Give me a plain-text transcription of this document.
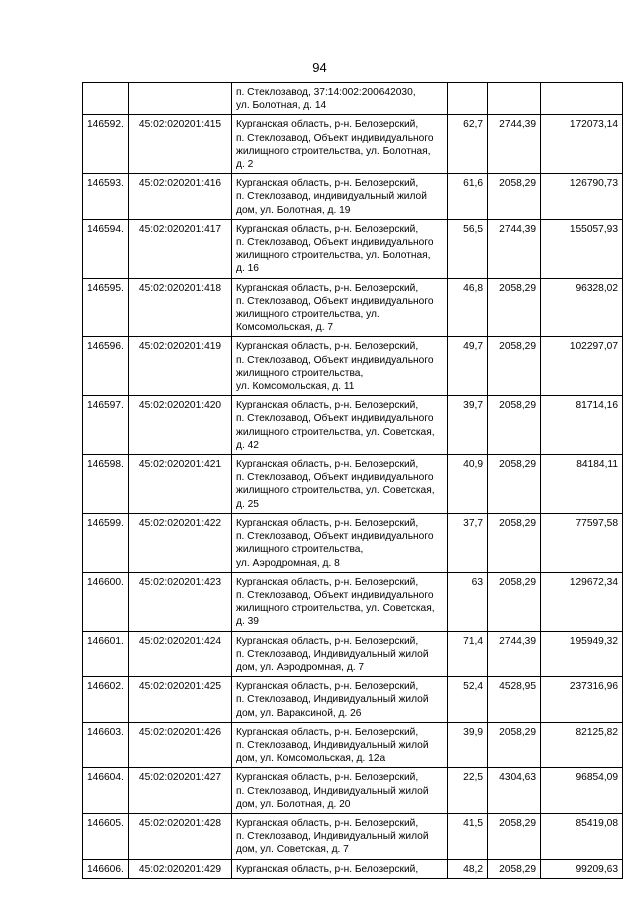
94

		п. Стеклозавод, 37:14:002:200642030,
ул. Болотная, д. 14			

146592.	45:02:020201:415	Курганская область, р-н. Белозерский,
п. Стеклозавод, Объект индивидуального
жилищного строительства, ул. Болотная,
д. 2	62,7	2744,39	172073,14
146593.	45:02:020201:416	Курганская область, р-н. Белозерский,
п. Стеклозавод, индивидуальный жилой
дом, ул. Болотная, д. 19	61,6	2058,29	126790,73
146594.	45:02:020201:417	Курганская область, р-н. Белозерский,
п. Стеклозавод, Объект индивидуального
жилищного строительства, ул. Болотная,
д. 16	56,5	2744,39	155057,93
146595.	45:02:020201:418	Курганская область, р-н. Белозерский,
п. Стеклозавод, Объект индивидуального
жилищного строительства, ул.
Комсомольская, д. 7	46,8	2058,29	96328,02
146596.	45:02:020201:419	Курганская область, р-н. Белозерский,
п. Стеклозавод, Объект индивидуального
жилищного строительства,
ул. Комсомольская, д. 11	49,7	2058,29	102297,07
146597.	45:02:020201:420	Курганская область, р-н. Белозерский,
п. Стеклозавод, Объект индивидуального
жилищного строительства, ул. Советская,
д. 42	39,7	2058,29	81714,16
146598.	45:02:020201:421	Курганская область, р-н. Белозерский,
п. Стеклозавод, Объект индивидуального
жилищного строительства, ул. Советская,
д. 25	40,9	2058,29	84184,11
146599.	45:02:020201:422	Курганская область, р-н. Белозерский,
п. Стеклозавод, Объект индивидуального
жилищного строительства,
ул. Аэродромная, д. 8	37,7	2058,29	77597,58
146600.	45:02:020201:423	Курганская область, р-н. Белозерский,
п. Стеклозавод, Объект индивидуального
жилищного строительства, ул. Советская,
д. 39	63	2058,29	129672,34
146601.	45:02:020201:424	Курганская область, р-н. Белозерский,
п. Стеклозавод, Индивидуальный жилой
дом, ул. Аэродромная, д. 7	71,4	2744,39	195949,32
146602.	45:02:020201:425	Курганская область, р-н. Белозерский,
п. Стеклозавод, Индивидуальный жилой
дом, ул. Вараксиной, д. 26	52,4	4528,95	237316,96
146603.	45:02:020201:426	Курганская область, р-н. Белозерский,
п. Стеклозавод, Индивидуальный жилой
дом, ул. Комсомольская, д. 12а	39,9	2058,29	82125,82
146604.	45:02:020201:427	Курганская область, р-н. Белозерский,
п. Стеклозавод, Индивидуальный жилой
дом, ул. Болотная, д. 20	22,5	4304,63	96854,09
146605.	45:02:020201:428	Курганская область, р-н. Белозерский,
п. Стеклозавод, Индивидуальный жилой
дом, ул. Советская, д. 7	41,5	2058,29	85419,08
146606.	45:02:020201:429	Курганская область, р-н. Белозерский,	48,2	2058,29	99209,63
